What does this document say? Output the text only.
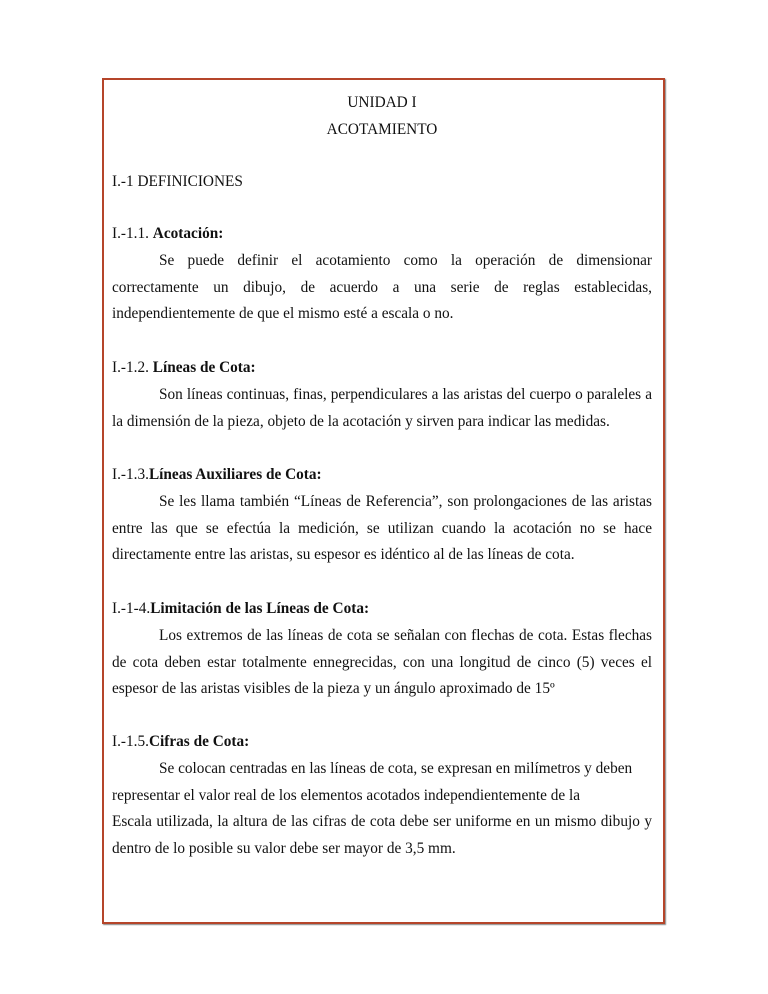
UNIDAD I
ACOTAMIENTO
I.-1 DEFINICIONES

I.-1.1. Acotación:

Se puede definir el acotamiento como la operación de dimensionar correctamente un dibujo, de acuerdo a una serie de reglas establecidas, independientemente de que el mismo esté a escala o no.

I.-1.2. Líneas de Cota:

Son líneas continuas, finas, perpendiculares a las aristas del cuerpo o paraleles a la dimensión de la pieza, objeto de la acotación y sirven para indicar las medidas.

I.-1.3.Líneas Auxiliares de Cota:

Se les llama también “Líneas de Referencia”, son prolongaciones de las aristas entre las que se efectúa la medición, se utilizan cuando la acotación no se hace directamente entre las aristas, su espesor es idéntico al de las líneas de cota.

I.-1-4.Limitación de las Líneas de Cota:

Los extremos de las líneas de cota se señalan con flechas de cota. Estas flechas de cota deben estar totalmente ennegrecidas, con una longitud de cinco (5) veces el espesor de las aristas visibles de la pieza y un ángulo aproximado de 15º

I.-1.5.Cifras de Cota:

Se colocan centradas en las líneas de cota, se expresan en milímetros y deben representar el valor real de los elementos acotados independientemente de la

Escala utilizada, la altura de las cifras de cota debe ser uniforme en un mismo dibujo y dentro de lo posible su valor debe ser mayor de 3,5 mm.
